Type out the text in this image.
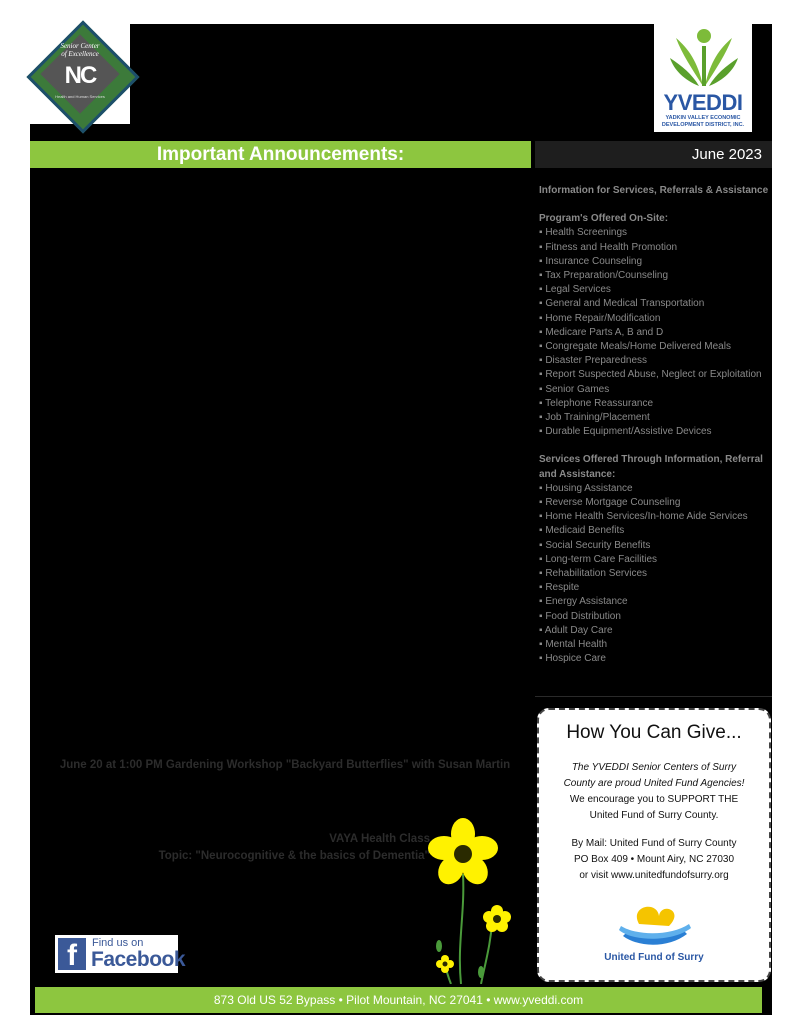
Senior Center
of Excellence
NC
Health and Human Services	YVEDDI
YADKIN VALLEY ECONOMIC
DEVELOPMENT DISTRICT, INC.
Important Announcements:	June 2023
Information for Services, Referrals & Assistance
Program's Offered On-Site:
▪ Health Screenings
▪ Fitness and Health Promotion
▪ Insurance Counseling
▪ Tax Preparation/Counseling
▪ Legal Services
▪ General and Medical Transportation
▪ Home Repair/Modification
▪ Medicare Parts A, B and D
▪ Congregate Meals/Home Delivered Meals
▪ Disaster Preparedness
▪ Report Suspected Abuse, Neglect or Exploitation
▪ Senior Games
▪ Telephone Reassurance
▪ Job Training/Placement
▪ Durable Equipment/Assistive Devices
Services Offered Through Information, Referral and Assistance:
▪ Housing Assistance
▪ Reverse Mortgage Counseling
▪ Home Health Services/In-home Aide Services
▪ Medicaid Benefits
▪ Social Security Benefits
▪ Long-term Care Facilities
▪ Rehabilitation Services
▪ Respite
▪ Energy Assistance
▪ Food Distribution
▪ Adult Day Care
▪ Mental Health
▪ Hospice Care
How You Can Give...
The YVEDDI Senior Centers of Surry
County are proud United Fund Agencies!
We encourage you to SUPPORT THE
United Fund of Surry County.
By Mail: United Fund of Surry County
PO Box 409 • Mount Airy, NC 27030
or visit www.unitedfundofsurry.org
United Fund of Surry
June 20 at 1:00 PM Gardening Workshop "Backyard Butterflies" with Susan Martin
VAYA Health Class
Topic: "Neurocognitive & the basics of Dementia"
f	Find us on
Facebook
873 Old US 52 Bypass • Pilot Mountain, NC 27041 • www.yveddi.com
